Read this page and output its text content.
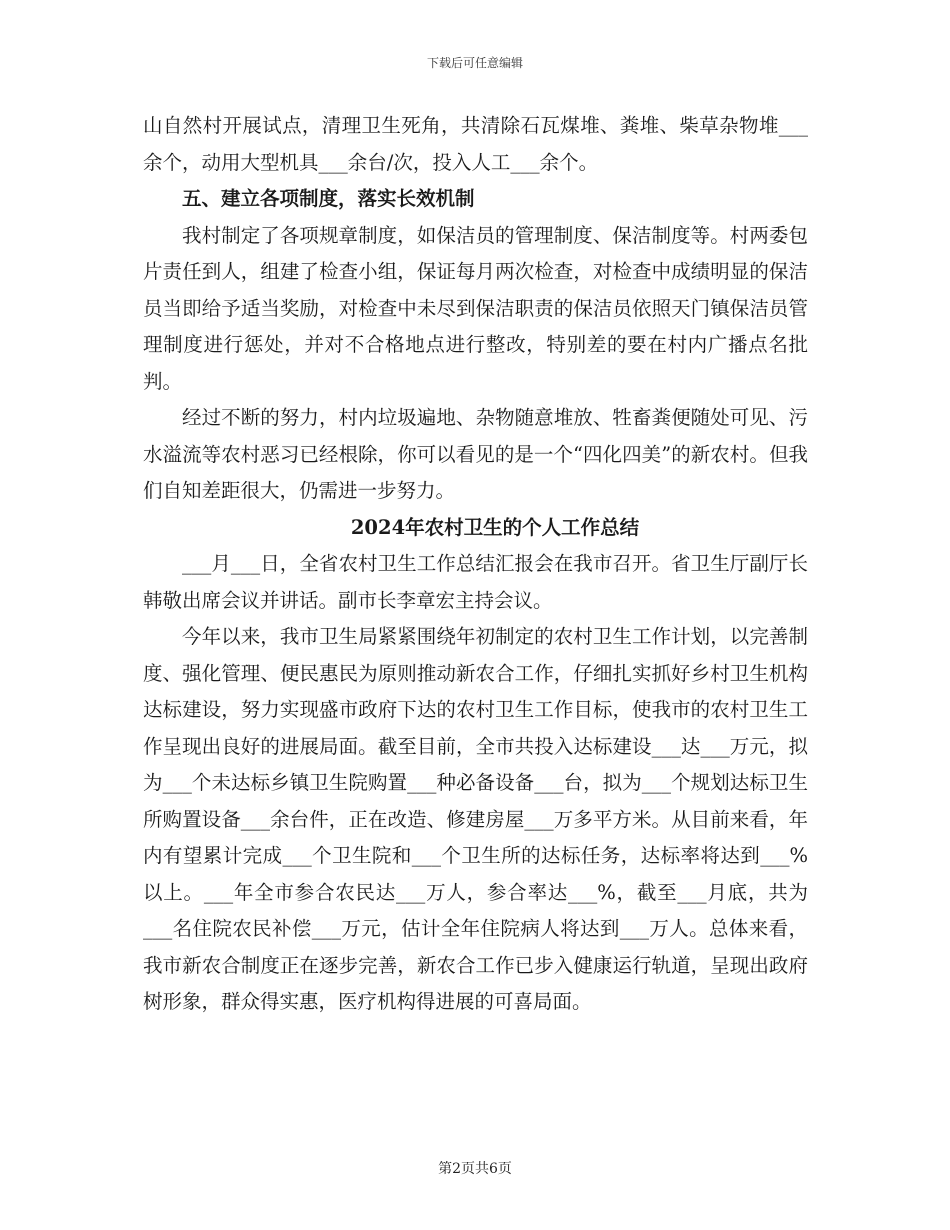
下载后可任意编辑

山自然村开展试点，清理卫生死角，共清除石瓦煤堆、粪堆、柴草杂物堆___余个，动用大型机具___余台/次，投入人工___余个。

五、建立各项制度，落实长效机制

我村制定了各项规章制度，如保洁员的管理制度、保洁制度等。村两委包片责任到人，组建了检查小组，保证每月两次检查，对检查中成绩明显的保洁员当即给予适当奖励，对检查中未尽到保洁职责的保洁员依照天门镇保洁员管理制度进行惩处，并对不合格地点进行整改，特别差的要在村内广播点名批判。

经过不断的努力，村内垃圾遍地、杂物随意堆放、牲畜粪便随处可见、污水溢流等农村恶习已经根除，你可以看见的是一个“四化四美”的新农村。但我们自知差距很大，仍需进一步努力。

2024年农村卫生的个人工作总结

___月___日，全省农村卫生工作总结汇报会在我市召开。省卫生厅副厅长韩敬出席会议并讲话。副市长李章宏主持会议。

今年以来，我市卫生局紧紧围绕年初制定的农村卫生工作计划，以完善制度、强化管理、便民惠民为原则推动新农合工作，仔细扎实抓好乡村卫生机构达标建设，努力实现盛市政府下达的农村卫生工作目标，使我市的农村卫生工作呈现出良好的进展局面。截至目前，全市共投入达标建设___达___万元，拟为___个未达标乡镇卫生院购置___种必备设备___台，拟为___个规划达标卫生所购置设备___余台件，正在改造、修建房屋___万多平方米。从目前来看，年内有望累计完成___个卫生院和___个卫生所的达标任务，达标率将达到___%以上。___年全市参合农民达___万人，参合率达___%，截至___月底，共为___名住院农民补偿___万元，估计全年住院病人将达到___万人。总体来看，我市新农合制度正在逐步完善，新农合工作已步入健康运行轨道，呈现出政府树形象，群众得实惠，医疗机构得进展的可喜局面。

第2页共6页
